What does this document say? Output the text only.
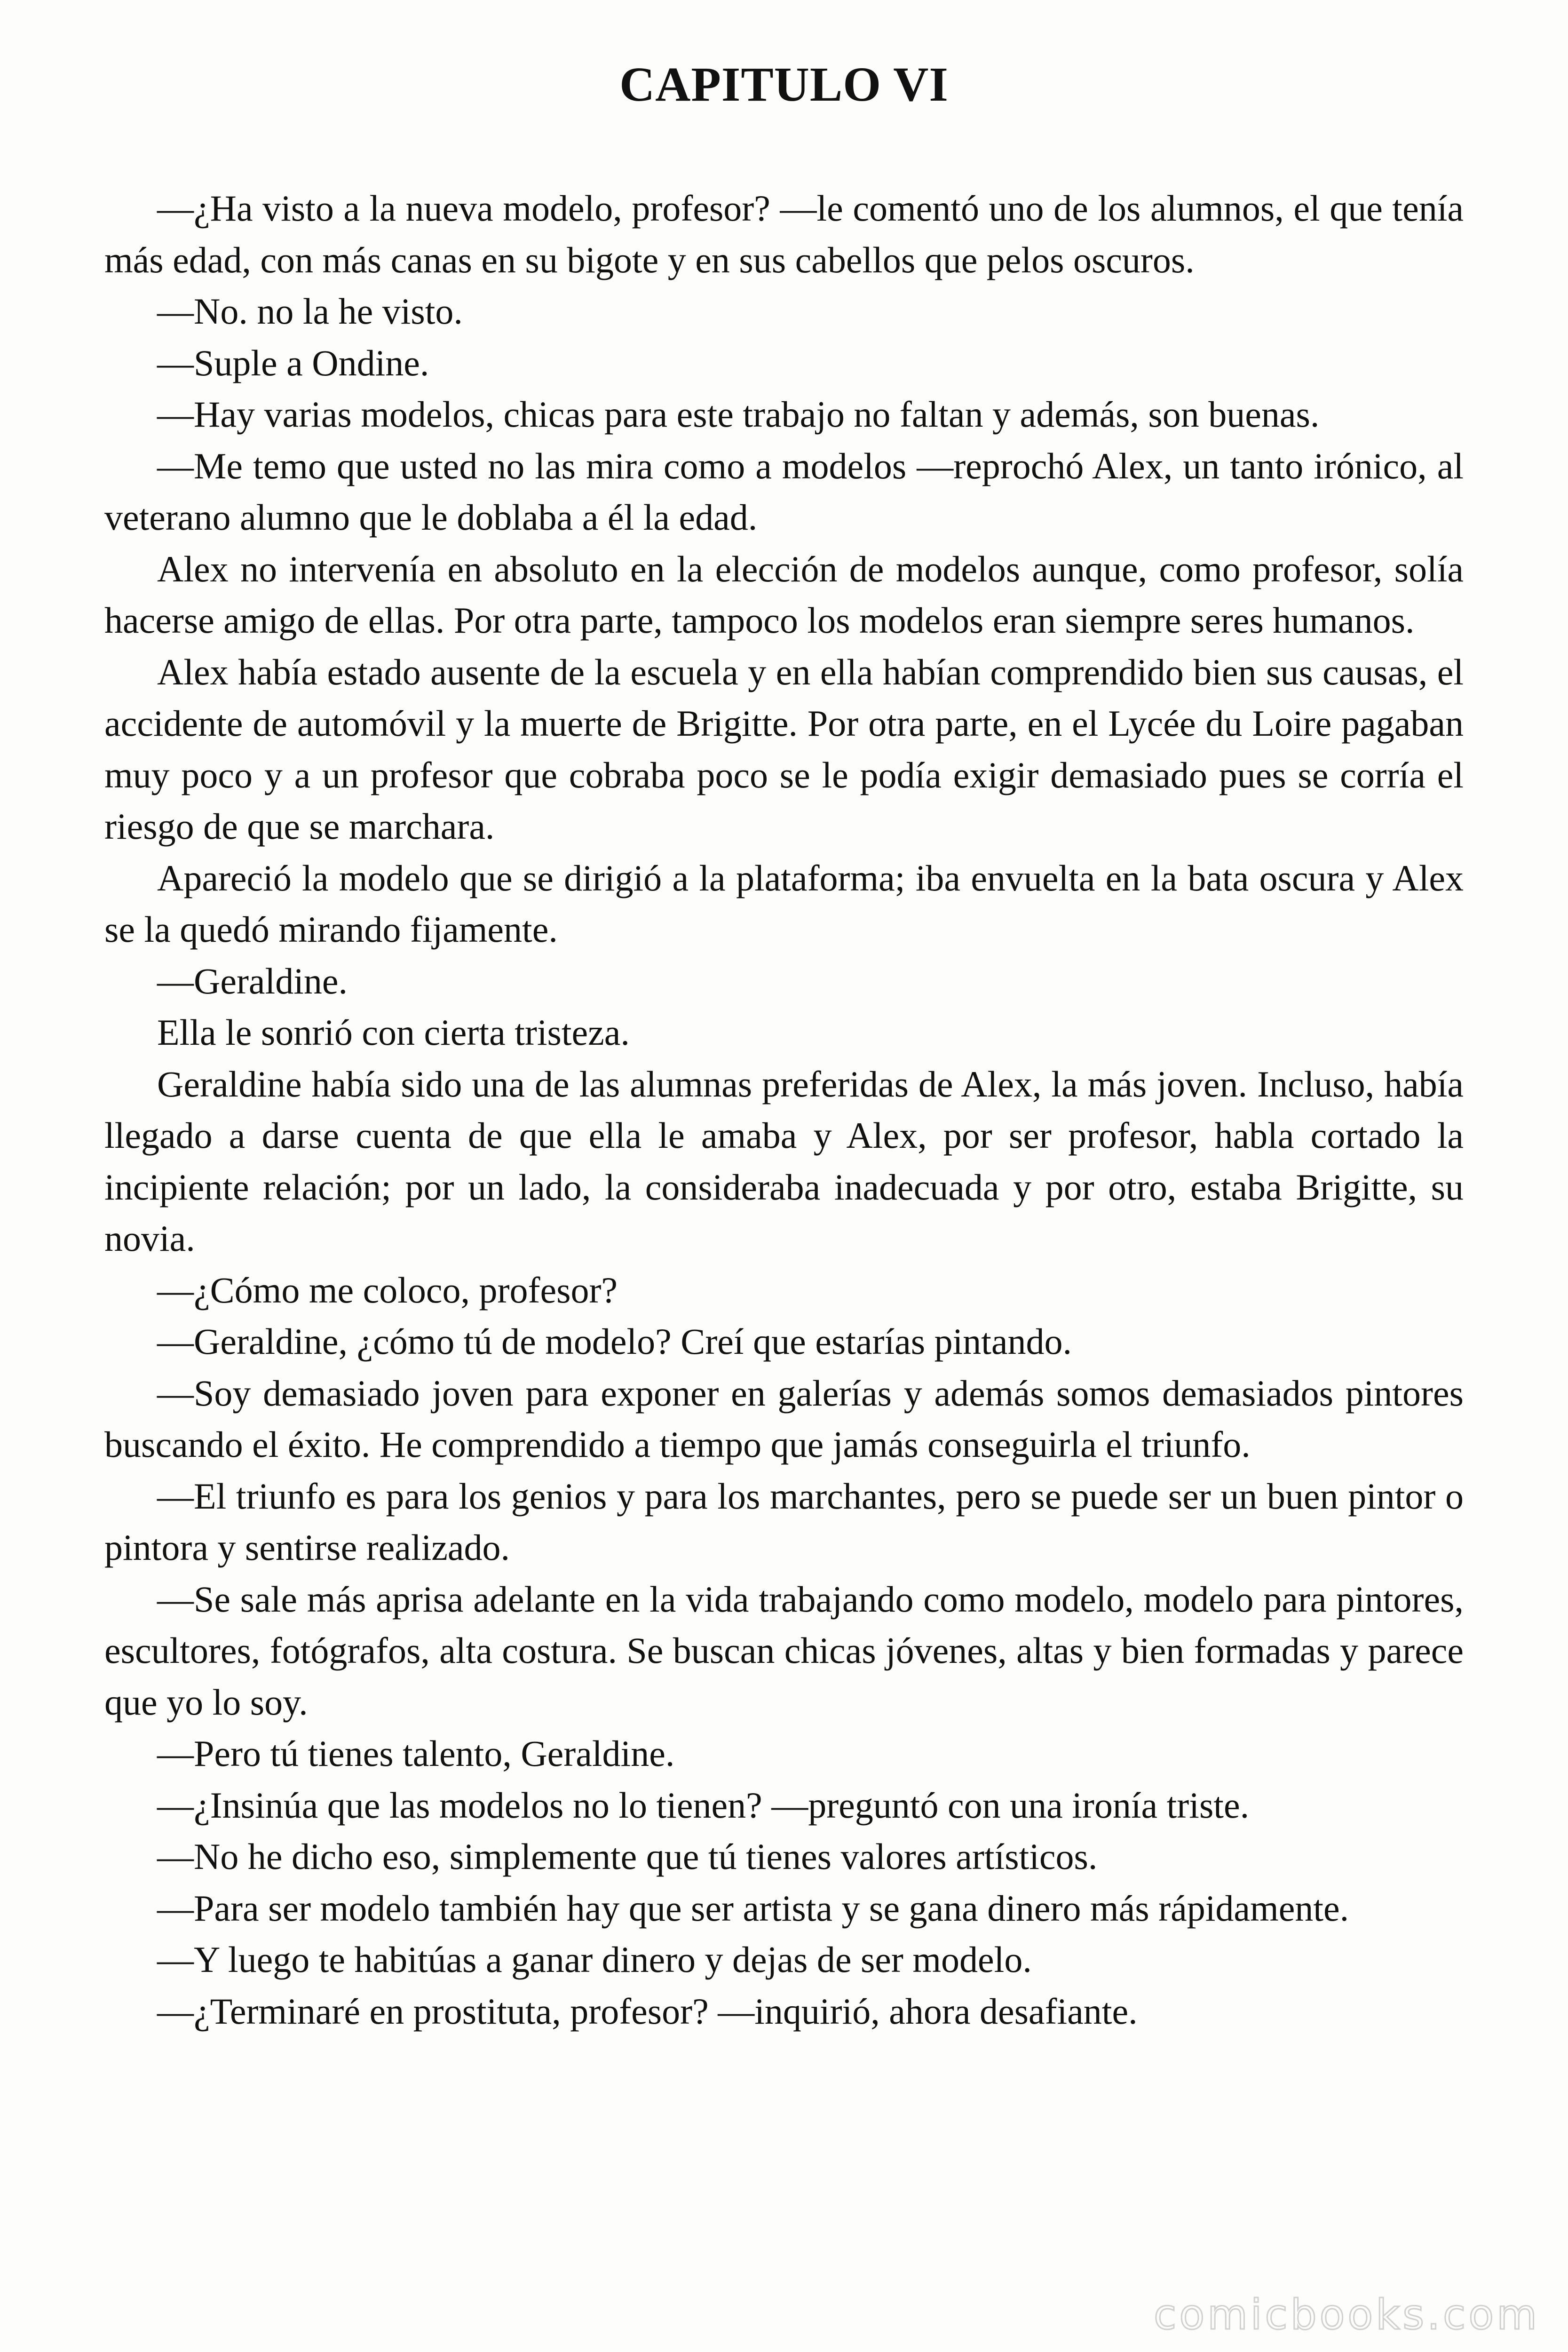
CAPITULO VI

—¿Ha visto a la nueva modelo, profesor? —le comentó uno de los alumnos, el que tenía más edad, con más canas en su bigote y en sus cabellos que pelos oscuros.

—No. no la he visto.

—Suple a Ondine.

—Hay varias modelos, chicas para este trabajo no faltan y además, son buenas.

—Me temo que usted no las mira como a modelos —reprochó Alex, un tanto irónico, al veterano alumno que le doblaba a él la edad.

Alex no intervenía en absoluto en la elección de modelos aunque, como profesor, solía hacerse amigo de ellas. Por otra parte, tampoco los modelos eran siempre seres humanos.

Alex había estado ausente de la escuela y en ella habían comprendido bien sus causas, el accidente de automóvil y la muerte de Brigitte. Por otra parte, en el Lycée du Loire pagaban muy poco y a un profesor que cobraba poco se le podía exigir demasiado pues se corría el riesgo de que se marchara.

Apareció la modelo que se dirigió a la plataforma; iba envuelta en la bata oscura y Alex se la quedó mirando fijamente.

—Geraldine.

Ella le sonrió con cierta tristeza.

Geraldine había sido una de las alumnas preferidas de Alex, la más joven. Incluso, había llegado a darse cuenta de que ella le amaba y Alex, por ser profesor, habla cortado la incipiente relación; por un lado, la consideraba inadecuada y por otro, estaba Brigitte, su novia.

—¿Cómo me coloco, profesor?

—Geraldine, ¿cómo tú de modelo? Creí que estarías pintando.

—Soy demasiado joven para exponer en galerías y además somos demasiados pintores buscando el éxito. He comprendido a tiempo que jamás conseguirla el triunfo.

—El triunfo es para los genios y para los marchantes, pero se puede ser un buen pintor o pintora y sentirse realizado.

—Se sale más aprisa adelante en la vida trabajando como modelo, modelo para pintores, escultores, fotógrafos, alta costura. Se buscan chicas jóvenes, altas y bien formadas y parece que yo lo soy.

—Pero tú tienes talento, Geraldine.

—¿Insinúa que las modelos no lo tienen? —preguntó con una ironía triste.

—No he dicho eso, simplemente que tú tienes valores artísticos.

—Para ser modelo también hay que ser artista y se gana dinero más rápidamente.

—Y luego te habitúas a ganar dinero y dejas de ser modelo.

—¿Terminaré en prostituta, profesor? —inquirió, ahora desafiante.

comicbooks.com
